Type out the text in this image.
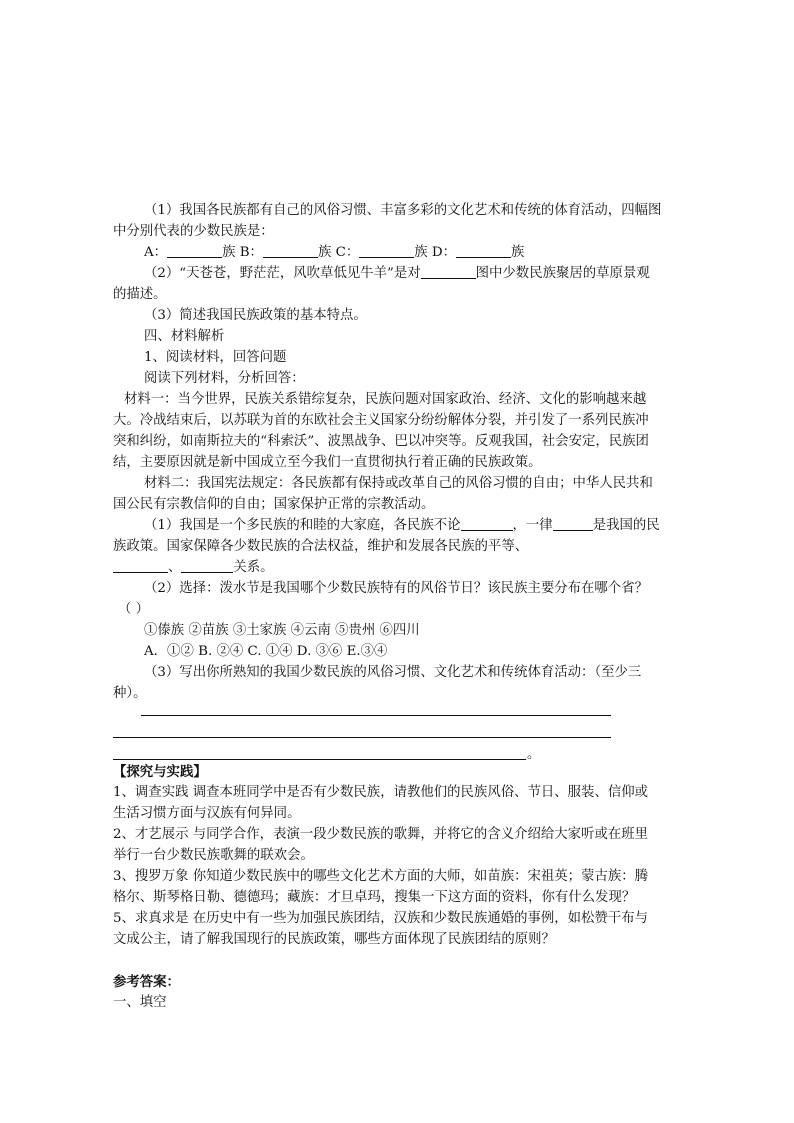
（1）我国各民族都有自己的风俗习惯、丰富多彩的文化艺术和传统的体育活动，四幅图
中分别代表的少数民族是：
A：	族 B：	族 C：	族 D：	族
（2）“天苍苍，野茫茫，风吹草低见牛羊”是对	图中少数民族聚居的草原景观
的描述。
（3）简述我国民族政策的基本特点。
四、材料解析
1、阅读材料，回答问题
阅读下列材料，分析回答：
材料一：当今世界，民族关系错综复杂，民族问题对国家政治、经济、文化的影响越来越
大。冷战结束后，以苏联为首的东欧社会主义国家分纷纷解体分裂，并引发了一系列民族冲
突和纠纷，如南斯拉夫的“科索沃”、波黑战争、巴以冲突等。反观我国，社会安定，民族团
结，主要原因就是新中国成立至今我们一直贯彻执行着正确的民族政策。
材料二：我国宪法规定：各民族都有保持或改革自己的风俗习惯的自由；中华人民共和
国公民有宗教信仰的自由；国家保护正常的宗教活动。
（1）我国是一个多民族的和睦的大家庭，各民族不论	，一律	是我国的民
族政策。国家保障各少数民族的合法权益，维护和发展各民族的平等、
、	关系。
（2）选择：泼水节是我国哪个少数民族特有的风俗节日？该民族主要分布在哪个省？
（ ）
①傣族 ②苗族 ③土家族 ④云南 ⑤贵州 ⑥四川
A．①② B. ②④ C. ①④ D. ③⑥ E.③④
（3）写出你所熟知的我国少数民族的风俗习惯、文化艺术和传统体育活动：（至少三
种）。
。
【探究与实践】
1、调查实践 调查本班同学中是否有少数民族，请教他们的民族风俗、节日、服装、信仰或
生活习惯方面与汉族有何异同。
2、才艺展示 与同学合作，表演一段少数民族的歌舞，并将它的含义介绍给大家听或在班里
举行一台少数民族歌舞的联欢会。
3、搜罗万象 你知道少数民族中的哪些文化艺术方面的大师，如苗族：宋祖英；蒙古族：腾
格尔、斯琴格日勒、德德玛；藏族：才旦卓玛，搜集一下这方面的资料，你有什么发现？
5、求真求是 在历史中有一些为加强民族团结，汉族和少数民族通婚的事例，如松赞干布与
文成公主，请了解我国现行的民族政策，哪些方面体现了民族团结的原则？
参考答案：
一、填空
